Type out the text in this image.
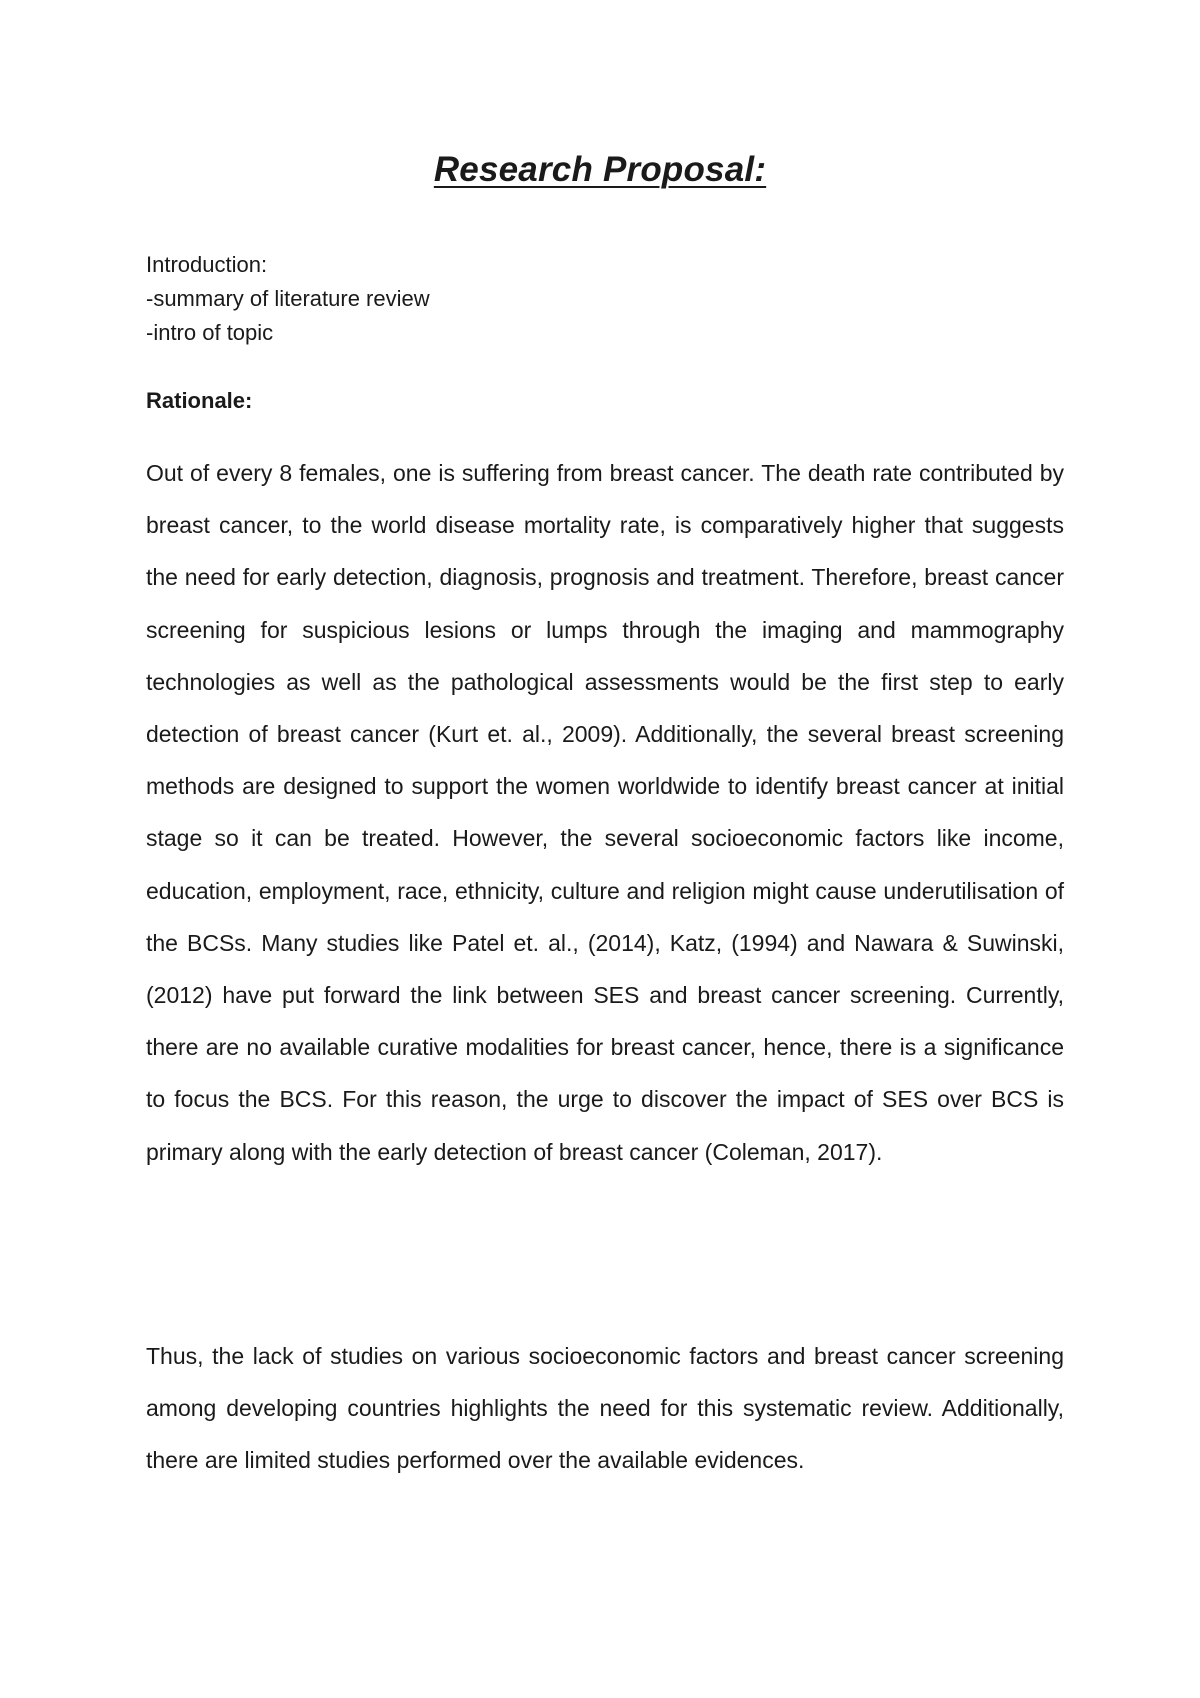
Research Proposal:
Introduction:
-summary of literature review
-intro of topic
Rationale:

Out of every 8 females, one is suffering from breast cancer. The death rate contributed by breast cancer, to the world disease mortality rate, is comparatively higher that suggests the need for early detection, diagnosis, prognosis and treatment. Therefore, breast cancer screening for suspicious lesions or lumps through the imaging and mammography technologies as well as the pathological assessments would be the first step to early detection of breast cancer (Kurt et. al., 2009). Additionally, the several breast screening methods are designed to support the women worldwide to identify breast cancer at initial stage so it can be treated. However, the several socioeconomic factors like income, education, employment, race, ethnicity, culture and religion might cause underutilisation of the BCSs. Many studies like Patel et. al., (2014), Katz, (1994) and Nawara & Suwinski, (2012) have put forward the link between SES and breast cancer screening. Currently, there are no available curative modalities for breast cancer, hence, there is a significance to focus the BCS. For this reason, the urge to discover the impact of SES over BCS is primary along with the early detection of breast cancer (Coleman, 2017).

Thus, the lack of studies on various socioeconomic factors and breast cancer screening among developing countries highlights the need for this systematic review. Additionally, there are limited studies performed over the available evidences.
